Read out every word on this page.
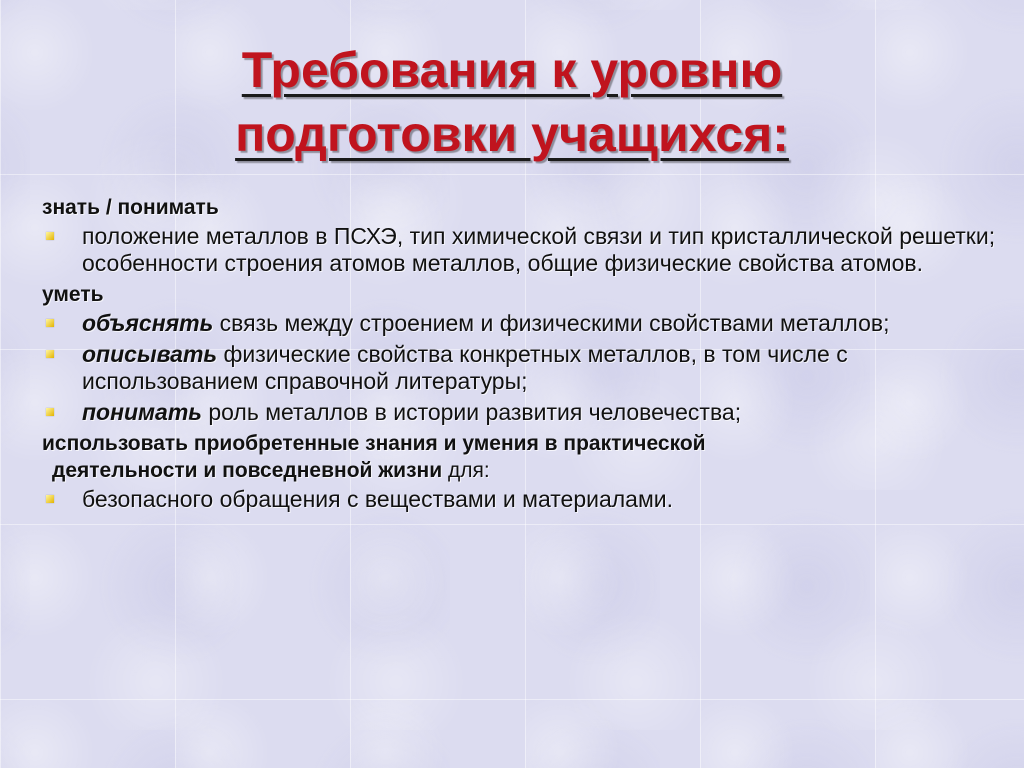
Требования к уровню
подготовки учащихся:
знать / понимать
положение металлов в ПСХЭ, тип химической связи и тип кристаллической решетки; особенности строения атомов металлов, общие физические свойства атомов.
уметь
объяснять связь между строением и физическими свойствами металлов;
описывать физические свойства конкретных металлов, в том числе с использованием справочной литературы;
понимать роль металлов в истории развития человечества;
использовать приобретенные знания и умения в практической
деятельности и повседневной жизни для:
безопасного обращения с веществами и материалами.
